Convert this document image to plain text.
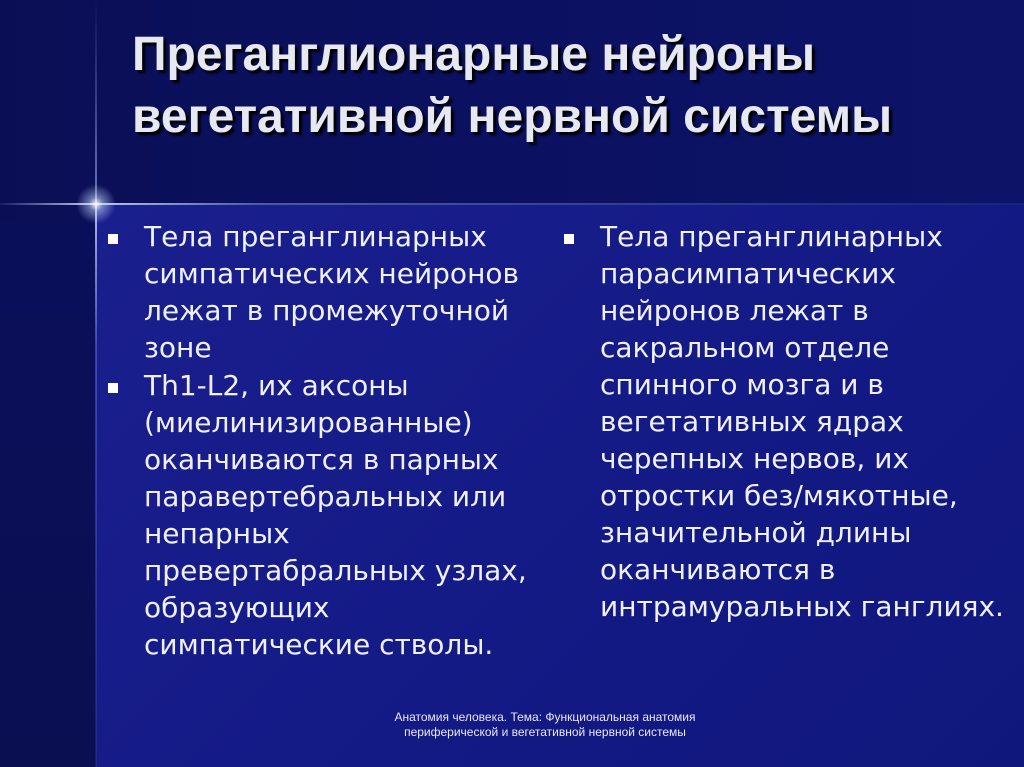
Преганглионарные нейроны вегетативной нервной системы
Тела преганглинарных симпатических нейронов лежат в промежуточной зоне
Th1-L2, их аксоны (миелинизированные) оканчиваются в парных паравертебральных или непарных превертабральных узлах, образующих симпатические стволы.
Тела преганглинарных парасимпатических нейронов лежат в сакральном отделе спинного мозга и в вегетативных ядрах черепных нервов, их отростки без/мякотные, значительной длины оканчиваются в интрамуральных ганглиях.
Анатомия человека. Тема: Функциональная анатомия периферической и вегетативной нервной системы
